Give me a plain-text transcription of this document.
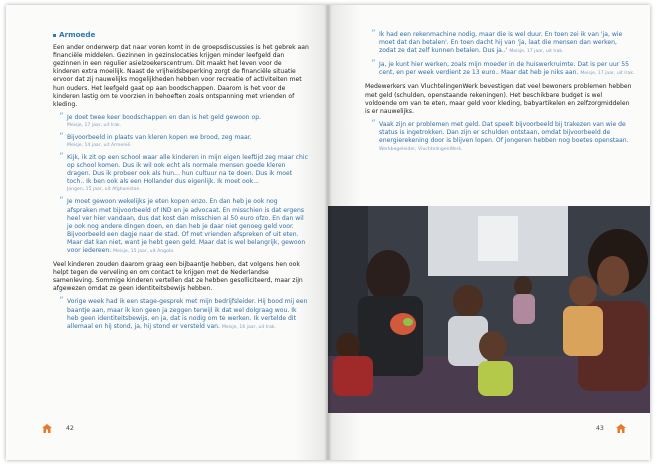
Armoede

Een ander onderwerp dat naar voren komt in de groepsdiscussies is het gebrek aan financiële middelen. Gezinnen in gezinslocaties krijgen minder leefgeld dan gezinnen in een regulier asielzoekerscentrum. Dit maakt het leven voor de kinderen extra moeilijk. Naast de vrijheidsbeperking zorgt de financiële situatie ervoor dat zij nauwelijks mogelijkheden hebben voor recreatie of activiteiten met hun ouders. Het leefgeld gaat op aan boodschappen. Daarom is het voor de kinderen lastig om te voorzien in behoeften zoals ontspanning met vrienden of kleding.

“ Je doet twee keer boodschappen en dan is het geld gewoon op.
Meisje, 17 jaar, uit Irak.
“ Bijvoorbeeld in plaats van kleren kopen we brood, zeg maar.
Meisje, 14 jaar, uit Armenië.
“ Kijk, ik zit op een school waar alle kinderen in mijn eigen leeftijd zeg maar chic op school komen. Dus ik wil ook echt als normale mensen goede kleren dragen. Dus ik probeer ook als hun... hun cultuur na te doen. Dus ik moet toch.. Ik ben ook als een Hollander dus eigenlijk. Ik moet ook...
Jongen, 15 jaar, uit Afghanistan.
“ Je moet gewoon wekelijks je eten kopen enzo. En dan heb je ook nog afspraken met bijvoorbeeld of IND en je advocaat. En misschien is dat ergens heel ver hier vandaan, dus dat kost dan misschien al 50 euro ofzo. En dan wil je ook nog andere dingen doen, en dan heb je daar niet genoeg geld voor. Bijvoorbeeld een dagje naar de stad. Of met vrienden afspreken of uit eten. Maar dat kan niet, want je hebt geen geld. Maar dat is wel belangrijk, gewoon voor iedereen. Meisje, 15 jaar, uit Angola.

Veel kinderen zouden daarom graag een bijbaantje hebben, dat volgens hen ook helpt tegen de verveling en om contact te krijgen met de Nederlandse samenleving. Sommige kinderen vertellen dat ze hebben gesolliciteerd, maar zijn afgewezen omdat ze geen identiteitsbewijs hebben.

“ Vorige week had ik een stage-gesprek met mijn bedrijfsleider. Hij bood mij een baantje aan, maar ik kon geen ja zeggen terwijl ik dat wel dolgraag wou. Ik heb geen identiteitsbewijs, en ja, dat is nodig om te werken. Ik vertelde dit allemaal en hij stond, ja, hij stond er versteld van. Meisje, 16 jaar, uit Irak.
42
“ Ik had een rekenmachine nodig, maar die is wel duur. En toen zei ik van 'ja, wie moet dat dan betalen'. En toen dacht hij van 'ja, laat die mensen dan werken, zodat ze dat zelf kunnen betalen. Dus ja..' Meisje, 17 jaar, uit Irak.
“ Ja, je kunt hier werken, zoals mijn moeder in de huiswerkruimte. Dat is per uur 55 cent, en per week verdient ze 13 euro.. Maar dat heb je niks aan. Meisje, 17 jaar, uit Irak.

Medewerkers van VluchtelingenWerk bevestigen dat veel bewoners problemen hebben met geld (schulden, openstaande rekeningen). Het beschikbare budget is wel voldoende om van te eten, maar geld voor kleding, babyartikelen en zelfzorgmiddelen is er nauwelijks.

“ Vaak zijn er problemen met geld. Dat speelt bijvoorbeeld bij trakezen van wie de status is ingetrokken. Dan zijn er schulden ontstaan, omdat bijvoorbeeld de energierekening door is blijven lopen. Of jongeren hebben nog boetes openstaan. Werkbegeleider, VluchtelingenWerk.
43
